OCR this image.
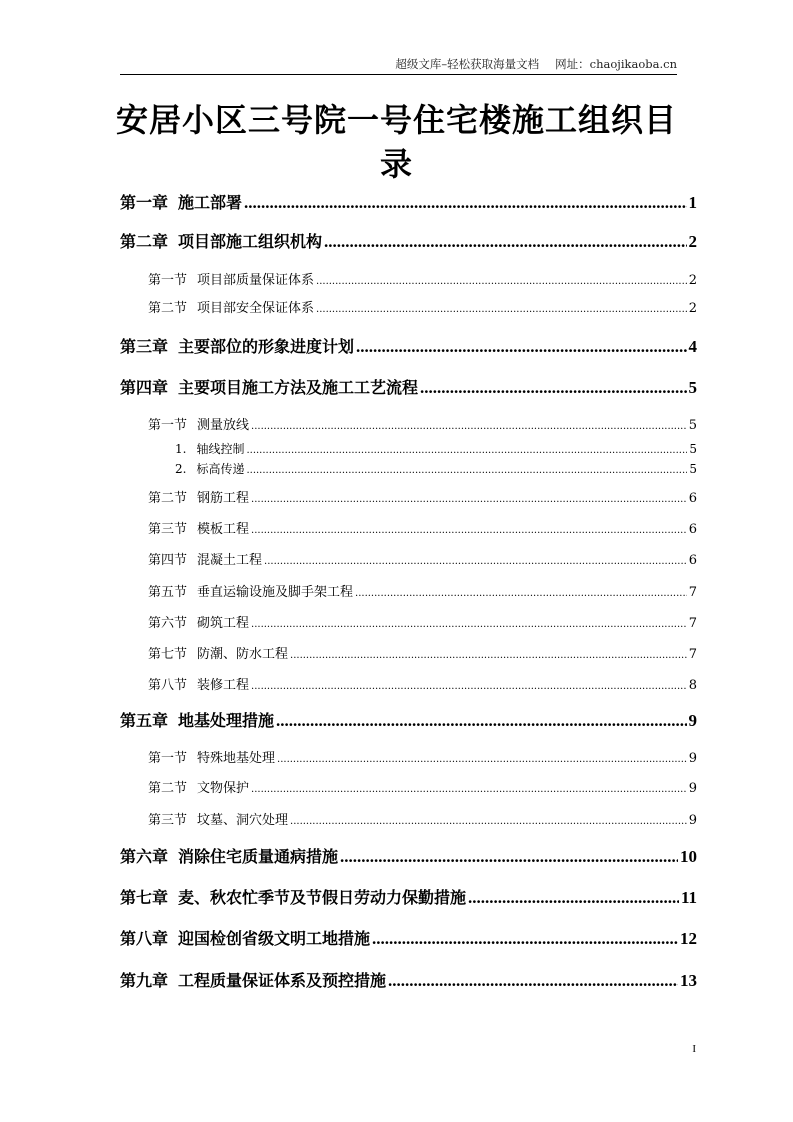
超级文库–轻松获取海量文档 网址：chaojikaoba.cn
安居小区三号院一号住宅楼施工组织目录
第一章 施工部署 .....	1
第二章 项目部施工组织机构 .....	2
第一节 项目部质量保证体系 .....	2
第二节 项目部安全保证体系 .....	2
第三章 主要部位的形象进度计划 .....	4
第四章 主要项目施工方法及施工工艺流程 .....	5
第一节 测量放线 .....	5
1. 轴线控制 .....	5
2. 标高传递 .....	5
第二节 钢筋工程 .....	6
第三节 模板工程 .....	6
第四节 混凝土工程 .....	6
第五节 垂直运输设施及脚手架工程 .....	7
第六节 砌筑工程 .....	7
第七节 防潮、防水工程 .....	7
第八节 装修工程 .....	8
第五章 地基处理措施 .....	9
第一节 特殊地基处理 .....	9
第二节 文物保护 .....	9
第三节 坟墓、洞穴处理 .....	9
第六章 消除住宅质量通病措施 .....	10
第七章 麦、秋农忙季节及节假日劳动力保勤措施 .....	11
第八章 迎国检创省级文明工地措施 .....	12
第九章 工程质量保证体系及预控措施 .....	13
I
